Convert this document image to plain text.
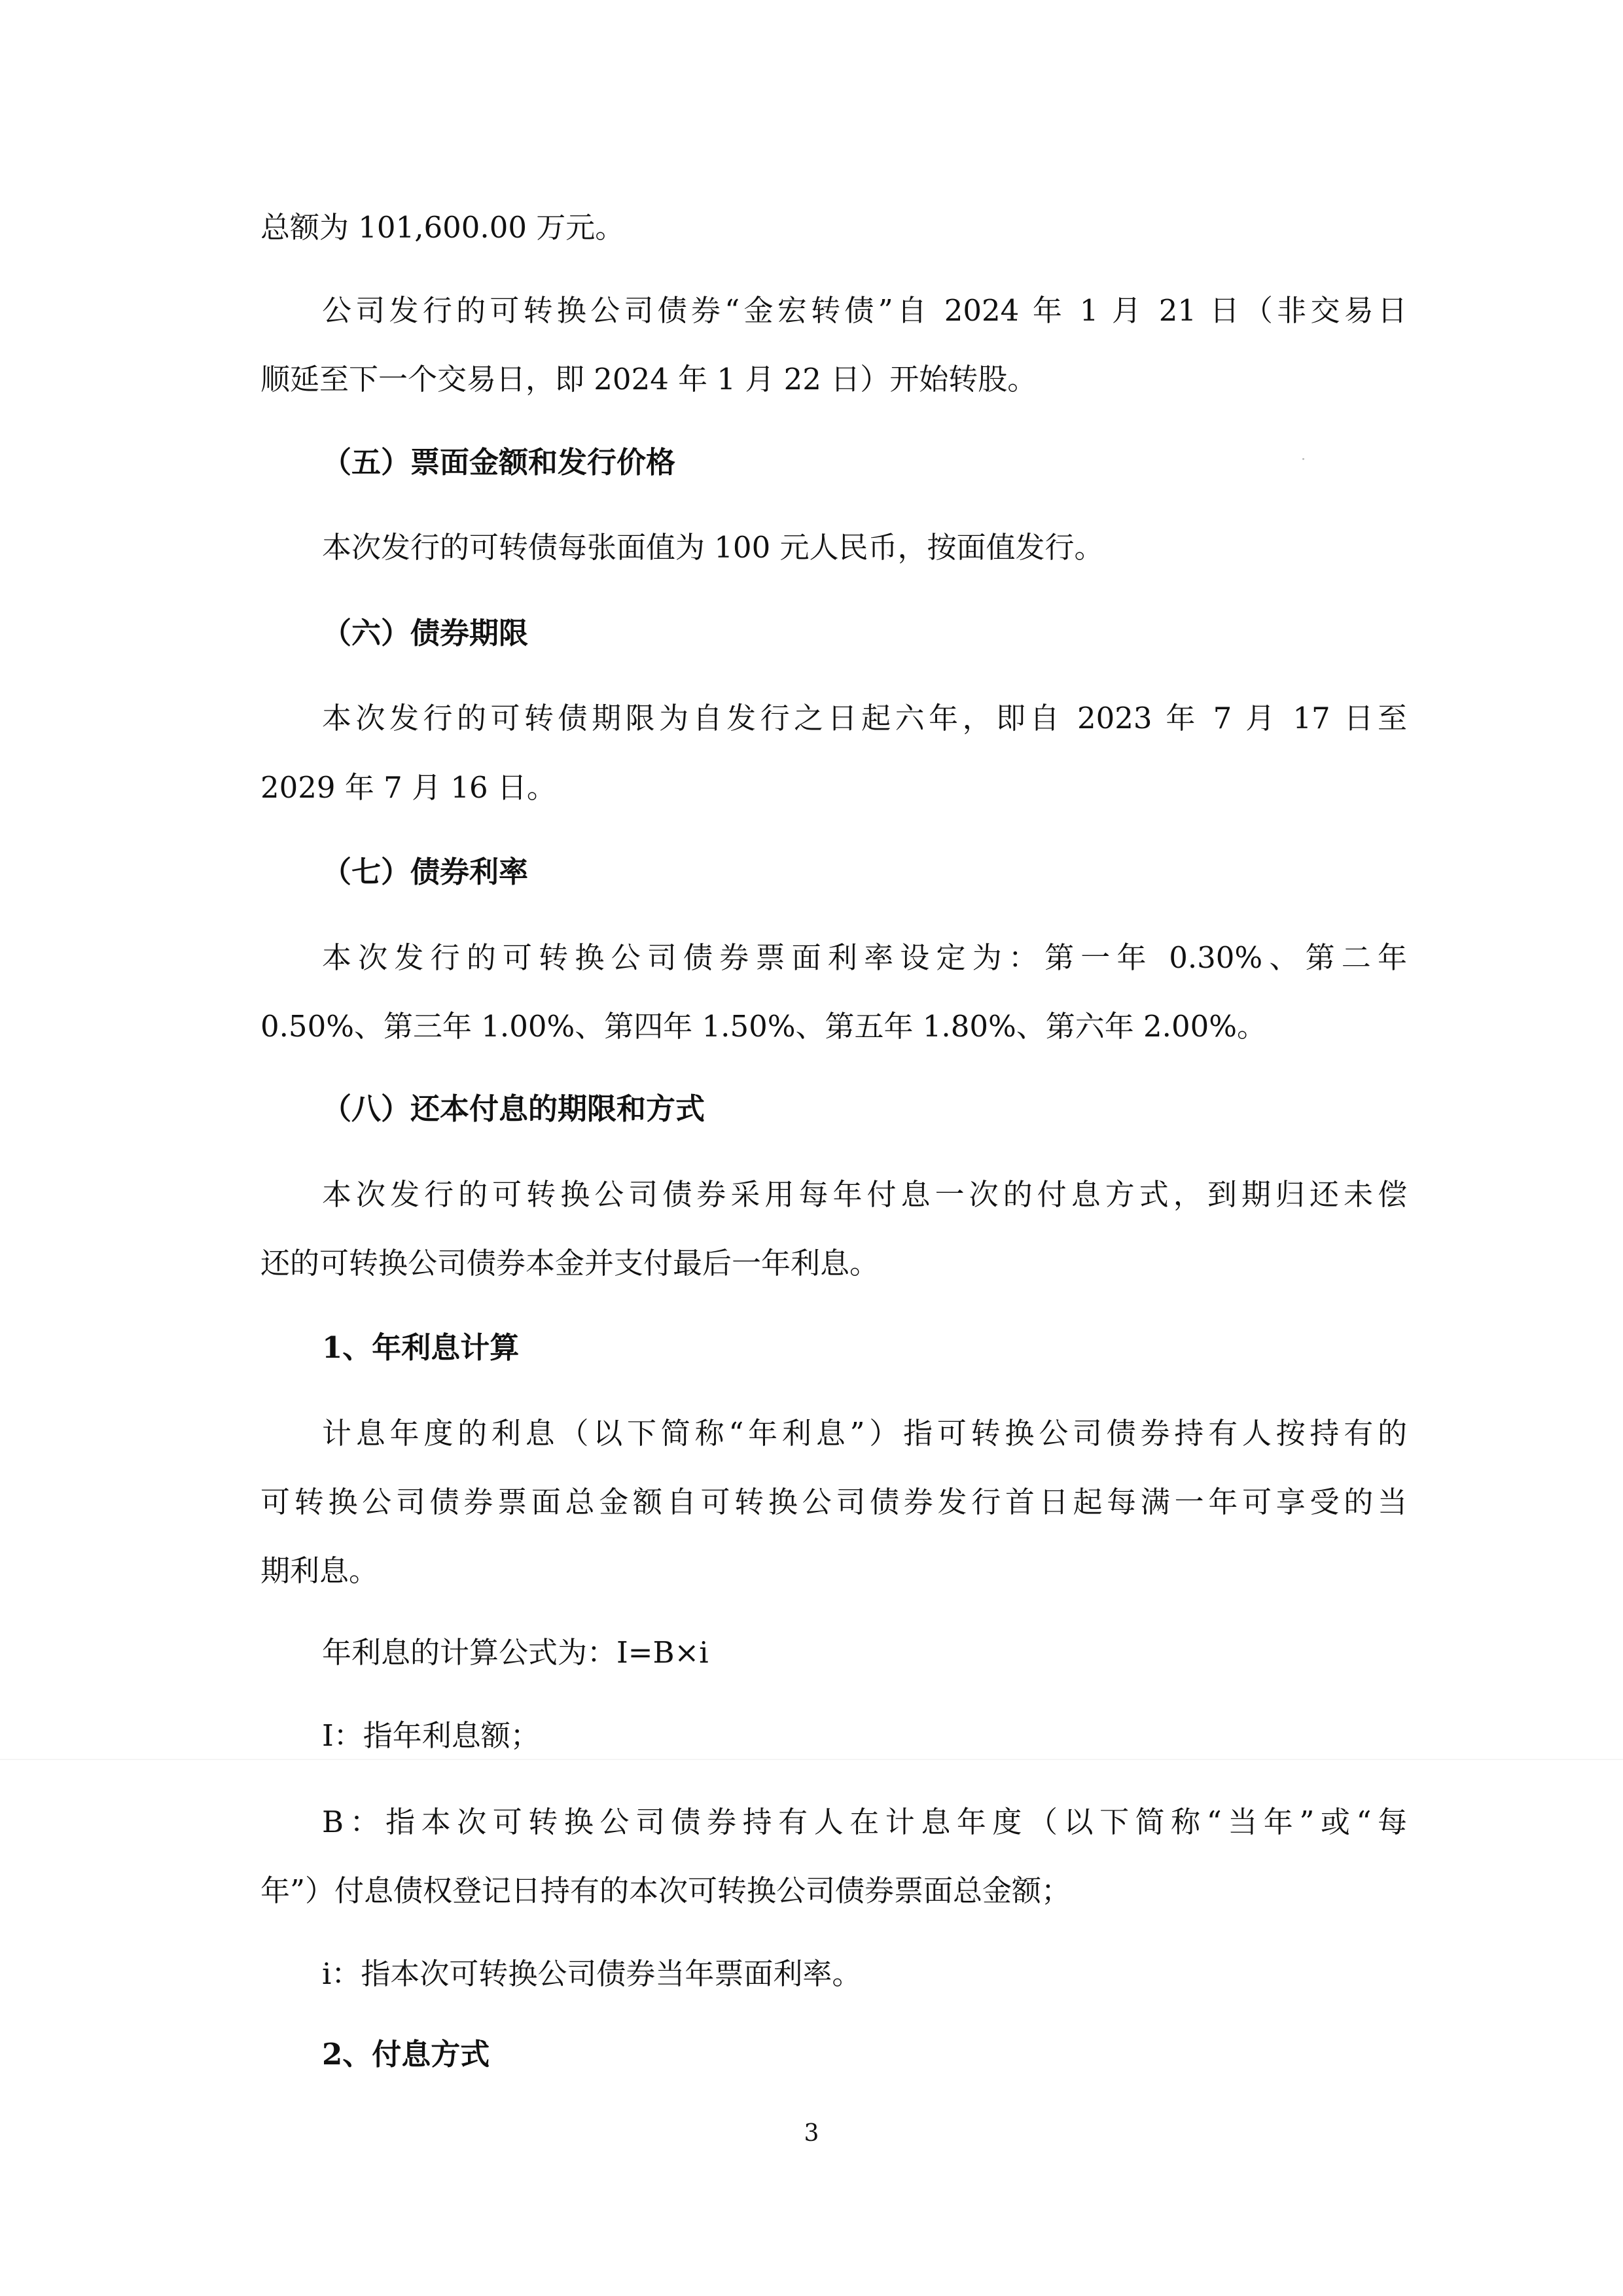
总额为 101,600.00 万元。
公司发行的可转换公司债券“金宏转债”自 2024 年 1 月 21 日（非交易日
顺延至下一个交易日，即 2024 年 1 月 22 日）开始转股。
（五）票面金额和发行价格
本次发行的可转债每张面值为 100 元人民币，按面值发行。
（六）债券期限
本次发行的可转债期限为自发行之日起六年，即自 2023 年 7 月 17 日至
2029 年 7 月 16 日。
（七）债券利率
本次发行的可转换公司债券票面利率设定为：第一年 0.30%、第二年
0.50%、第三年 1.00%、第四年 1.50%、第五年 1.80%、第六年 2.00%。
（八）还本付息的期限和方式
本次发行的可转换公司债券采用每年付息一次的付息方式，到期归还未偿
还的可转换公司债券本金并支付最后一年利息。
1、年利息计算
计息年度的利息（以下简称“年利息”）指可转换公司债券持有人按持有的
可转换公司债券票面总金额自可转换公司债券发行首日起每满一年可享受的当
期利息。
年利息的计算公式为：I=B×i
I：指年利息额；
B：指本次可转换公司债券持有人在计息年度（以下简称“当年”或“每
年”）付息债权登记日持有的本次可转换公司债券票面总金额；
i：指本次可转换公司债券当年票面利率。
2、付息方式
3
